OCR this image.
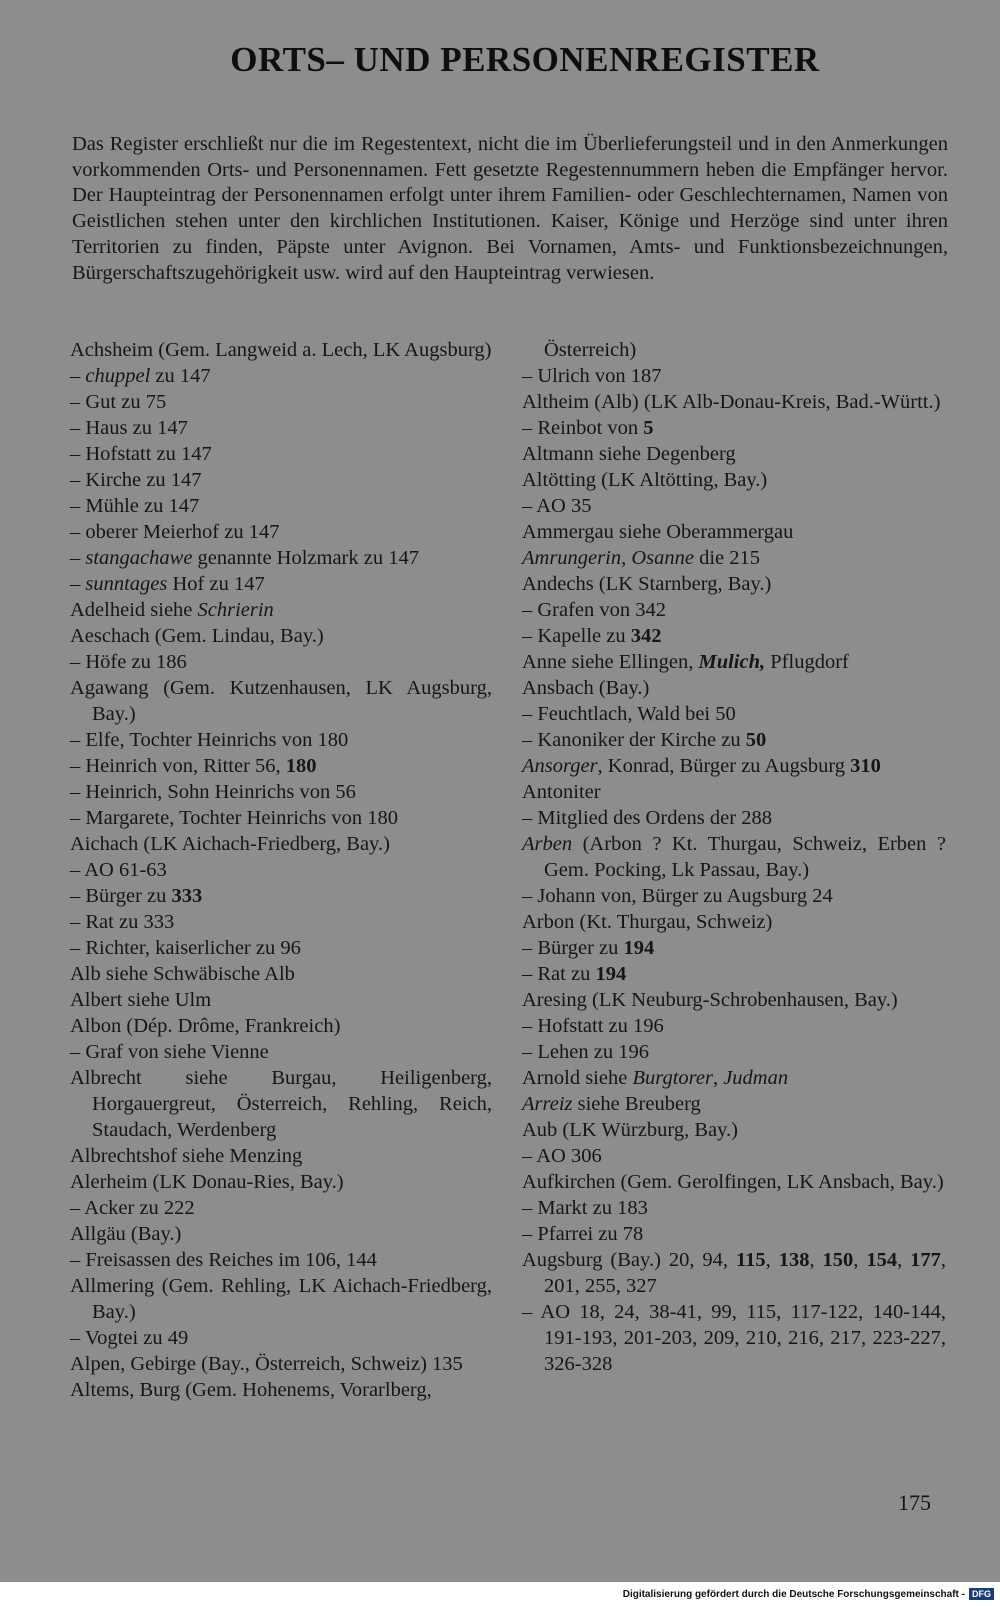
ORTS– UND PERSONENREGISTER
Das Register erschließt nur die im Regestentext, nicht die im Überlieferungsteil und in den Anmerkungen vorkommenden Orts- und Personennamen. Fett gesetzte Regestennummern heben die Empfänger hervor. Der Haupteintrag der Personennamen erfolgt unter ihrem Familien- oder Geschlechternamen, Namen von Geistlichen stehen unter den kirchlichen Institutionen. Kaiser, Könige und Herzöge sind unter ihren Territorien zu finden, Päpste unter Avignon. Bei Vornamen, Amts- und Funktionsbezeichnungen, Bürgerschaftszugehörigkeit usw. wird auf den Haupteintrag verwiesen.
Achsheim (Gem. Langweid a. Lech, LK Augsburg)
– chuppel zu 147
– Gut zu 75
– Haus zu 147
– Hofstatt zu 147
– Kirche zu 147
– Mühle zu 147
– oberer Meierhof zu 147
– stangachawe genannte Holzmark zu 147
– sunntages Hof zu 147
Adelheid siehe Schrierin
Aeschach (Gem. Lindau, Bay.)
– Höfe zu 186
Agawang (Gem. Kutzenhausen, LK Augsburg, Bay.)
– Elfe, Tochter Heinrichs von 180
– Heinrich von, Ritter 56, 180
– Heinrich, Sohn Heinrichs von 56
– Margarete, Tochter Heinrichs von 180
Aichach (LK Aichach-Friedberg, Bay.)
– AO 61-63
– Bürger zu 333
– Rat zu 333
– Richter, kaiserlicher zu 96
Alb siehe Schwäbische Alb
Albert siehe Ulm
Albon (Dép. Drôme, Frankreich)
– Graf von siehe Vienne
Albrecht siehe Burgau, Heiligenberg, Horgauergreut, Österreich, Rehling, Reich, Staudach, Werdenberg
Albrechtshof siehe Menzing
Alerheim (LK Donau-Ries, Bay.)
– Acker zu 222
Allgäu (Bay.)
– Freisassen des Reiches im 106, 144
Allmering (Gem. Rehling, LK Aichach-Friedberg, Bay.)
– Vogtei zu 49
Alpen, Gebirge (Bay., Österreich, Schweiz) 135
Altems, Burg (Gem. Hohenems, Vorarlberg,
Österreich)
– Ulrich von 187
Altheim (Alb) (LK Alb-Donau-Kreis, Bad.-Württ.)
– Reinbot von 5
Altmann siehe Degenberg
Altötting (LK Altötting, Bay.)
– AO 35
Ammergau siehe Oberammergau
Amrungerin, Osanne die 215
Andechs (LK Starnberg, Bay.)
– Grafen von 342
– Kapelle zu 342
Anne siehe Ellingen, Mulich, Pflugdorf
Ansbach (Bay.)
– Feuchtlach, Wald bei 50
– Kanoniker der Kirche zu 50
Ansorger, Konrad, Bürger zu Augsburg 310
Antoniter
– Mitglied des Ordens der 288
Arben (Arbon ? Kt. Thurgau, Schweiz, Erben ? Gem. Pocking, Lk Passau, Bay.)
– Johann von, Bürger zu Augsburg 24
Arbon (Kt. Thurgau, Schweiz)
– Bürger zu 194
– Rat zu 194
Aresing (LK Neuburg-Schrobenhausen, Bay.)
– Hofstatt zu 196
– Lehen zu 196
Arnold siehe Burgtorer, Judman
Arreiz siehe Breuberg
Aub (LK Würzburg, Bay.)
– AO 306
Aufkirchen (Gem. Gerolfingen, LK Ansbach, Bay.)
– Markt zu 183
– Pfarrei zu 78
Augsburg (Bay.) 20, 94, 115, 138, 150, 154, 177, 201, 255, 327
– AO 18, 24, 38-41, 99, 115, 117-122, 140-144, 191-193, 201-203, 209, 210, 216, 217, 223-227, 326-328
175
Digitalisierung gefördert durch die Deutsche Forschungsgemeinschaft - DFG
